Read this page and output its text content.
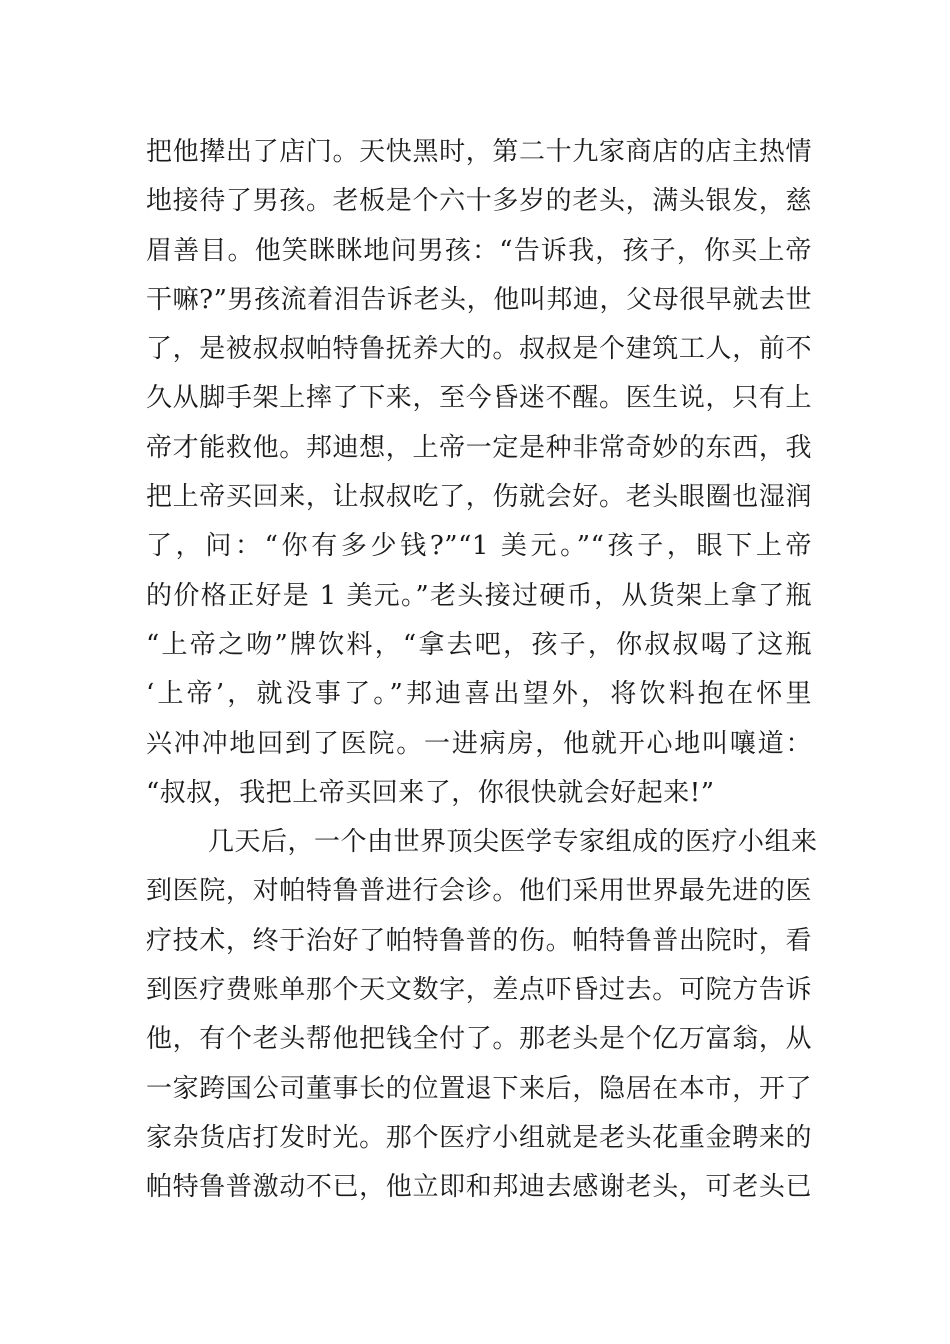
把他撵出了店门。天快黑时，第二十九家商店的店主热情
地接待了男孩。老板是个六十多岁的老头，满头银发，慈
眉善目。他笑眯眯地问男孩：“告诉我，孩子，你买上帝
干嘛?”男孩流着泪告诉老头，他叫邦迪，父母很早就去世
了，是被叔叔帕特鲁抚养大的。叔叔是个建筑工人，前不
久从脚手架上摔了下来，至今昏迷不醒。医生说，只有上
帝才能救他。邦迪想，上帝一定是种非常奇妙的东西，我
把上帝买回来，让叔叔吃了，伤就会好。老头眼圈也湿润
了，问：“你有多少钱?”“1 美元。”“孩子，眼下上帝
的价格正好是 1 美元。”老头接过硬币，从货架上拿了瓶
“上帝之吻”牌饮料，“拿去吧，孩子，你叔叔喝了这瓶
‘上帝’，就没事了。”邦迪喜出望外，将饮料抱在怀里
兴冲冲地回到了医院。一进病房，他就开心地叫嚷道：
“叔叔，我把上帝买回来了，你很快就会好起来!”
几天后，一个由世界顶尖医学专家组成的医疗小组来
到医院，对帕特鲁普进行会诊。他们采用世界最先进的医
疗技术，终于治好了帕特鲁普的伤。帕特鲁普出院时，看
到医疗费账单那个天文数字，差点吓昏过去。可院方告诉
他，有个老头帮他把钱全付了。那老头是个亿万富翁，从
一家跨国公司董事长的位置退下来后，隐居在本市，开了
家杂货店打发时光。那个医疗小组就是老头花重金聘来的
帕特鲁普激动不已，他立即和邦迪去感谢老头，可老头已
